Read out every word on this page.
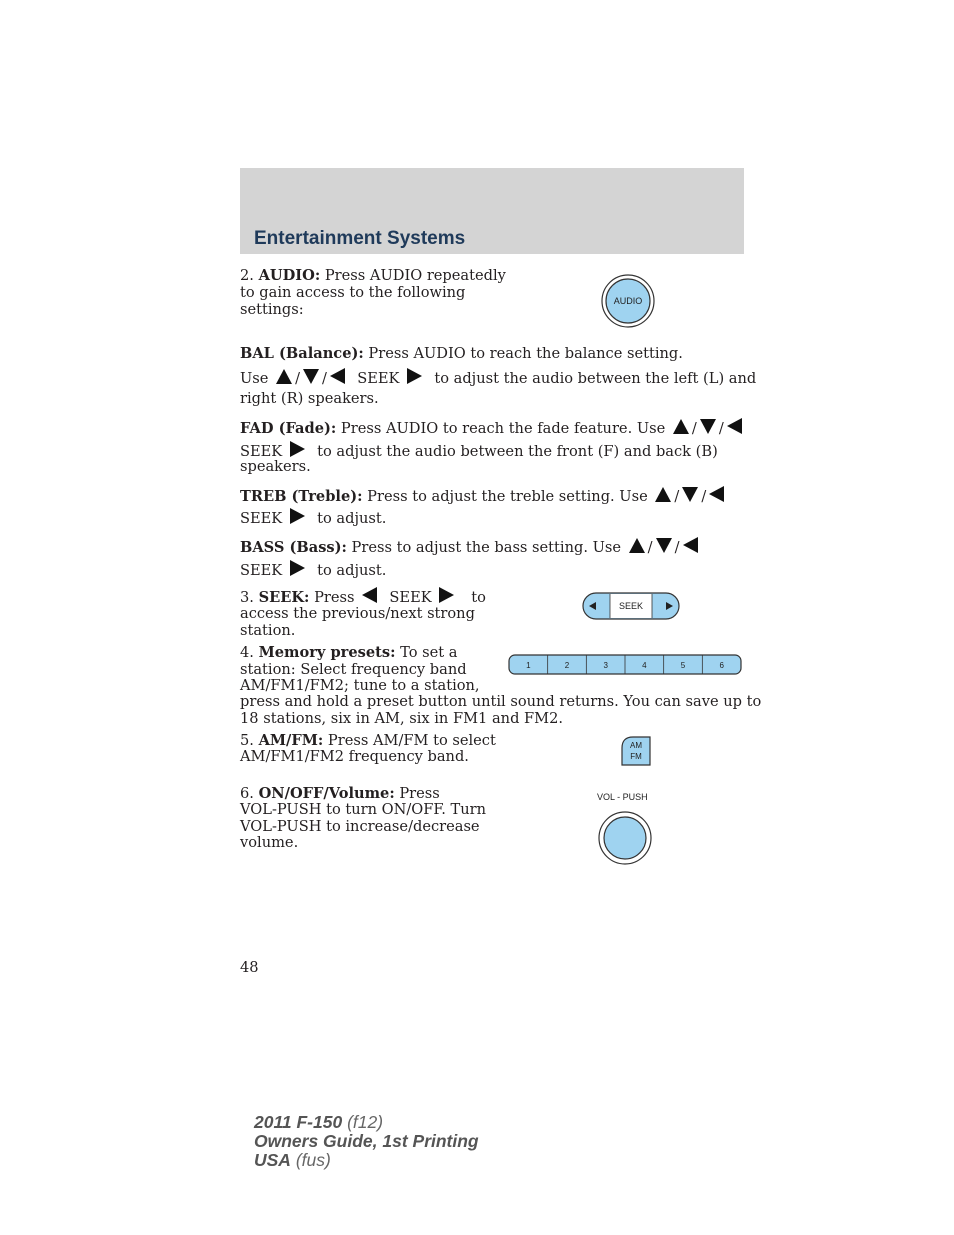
Entertainment Systems
2. AUDIO: Press AUDIO repeatedly
to gain access to the following
settings:	AUDIO
BAL (Balance): Press AUDIO to reach the balance setting.
Use / / SEEK to adjust the audio between the left (L) and
right (R) speakers.
FAD (Fade): Press AUDIO to reach the fade feature. Use / /
SEEK to adjust the audio between the front (F) and back (B)
speakers.
TREB (Treble): Press to adjust the treble setting. Use / /
SEEK to adjust.
BASS (Bass): Press to adjust the bass setting. Use / /
SEEK to adjust.
3. SEEK: Press SEEK	to
access the previous/next strong
station.
SEEK
4. Memory presets: To set a
station: Select frequency band
AM/FM1/FM2; tune to a station,
press and hold a preset button until sound returns. You can save up to
18 stations, six in AM, six in FM1 and FM2.
1	2	3	4	5	6
5. AM/FM: Press AM/FM to select
AM/FM1/FM2 frequency band.
AM
FM
6. ON/OFF/Volume: Press
VOL-PUSH to turn ON/OFF. Turn
VOL-PUSH to increase/decrease
volume.
VOL - PUSH
48
2011 F-150 (f12)
Owners Guide, 1st Printing
USA (fus)
